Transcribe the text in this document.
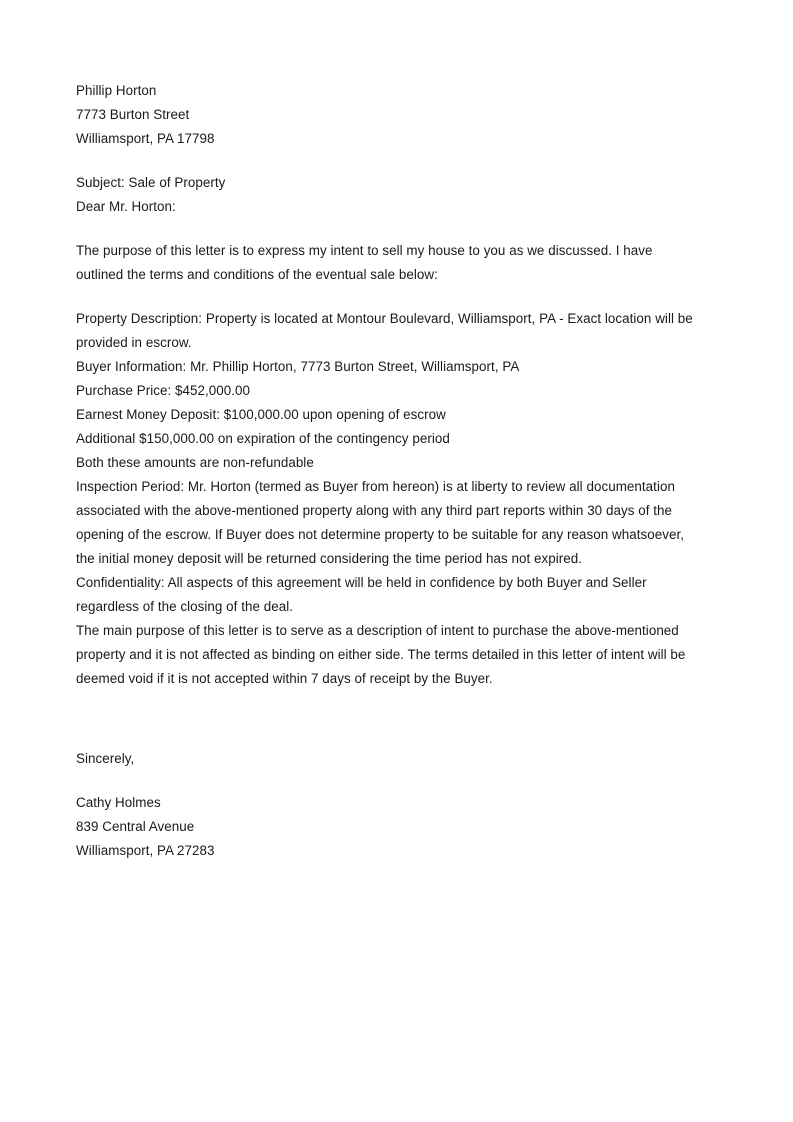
Phillip Horton
7773 Burton Street
Williamsport, PA 17798
Subject: Sale of Property
Dear Mr. Horton:
The purpose of this letter is to express my intent to sell my house to you as we discussed. I have
outlined the terms and conditions of the eventual sale below:
Property Description: Property is located at Montour Boulevard, Williamsport, PA - Exact location will be
provided in escrow.
Buyer Information: Mr. Phillip Horton, 7773 Burton Street, Williamsport, PA
Purchase Price: $452,000.00
Earnest Money Deposit: $100,000.00 upon opening of escrow
Additional $150,000.00 on expiration of the contingency period
Both these amounts are non-refundable
Inspection Period: Mr. Horton (termed as Buyer from hereon) is at liberty to review all documentation
associated with the above-mentioned property along with any third part reports within 30 days of the
opening of the escrow. If Buyer does not determine property to be suitable for any reason whatsoever,
the initial money deposit will be returned considering the time period has not expired.
Confidentiality: All aspects of this agreement will be held in confidence by both Buyer and Seller
regardless of the closing of the deal.
The main purpose of this letter is to serve as a description of intent to purchase the above-mentioned
property and it is not affected as binding on either side. The terms detailed in this letter of intent will be
deemed void if it is not accepted within 7 days of receipt by the Buyer.
Sincerely,
Cathy Holmes
839 Central Avenue
Williamsport, PA 27283
